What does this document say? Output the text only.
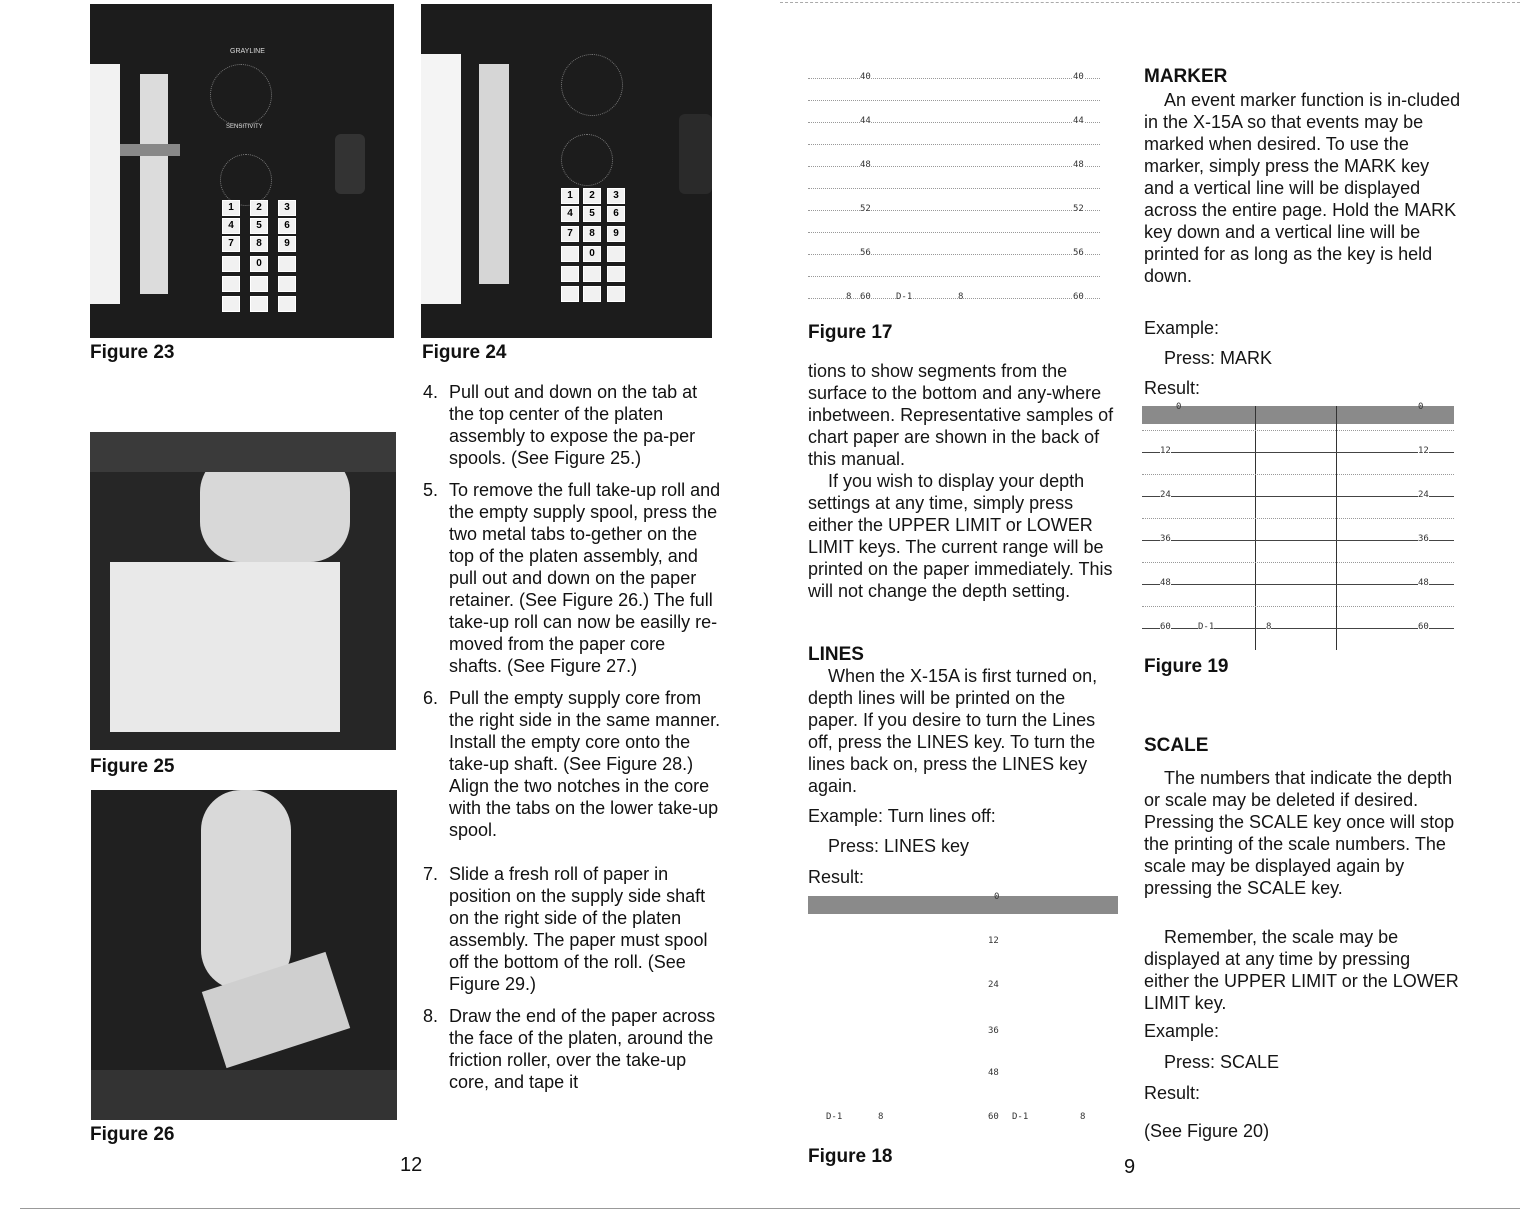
GRAYLINE
SENSITIVITY
1	2	3
4	5	6
7	8	9
0
Figure 23
1	2	3
4	5	6
7	8	9
0
Figure 24
Figure 25
Figure 26
4. Pull out and down on the tab at the top center of the platen assembly to expose the pa-per spools. (See Figure 25.)
5. To remove the full take-up roll and the empty supply spool, press the two metal tabs to-gether on the top of the platen assembly, and pull out and down on the paper retainer. (See Figure 26.) The full take-up roll can now be easilly re-moved from the paper core shafts. (See Figure 27.)
6. Pull the empty supply core from the right side in the same manner. Install the empty core onto the take-up shaft. (See Figure 28.) Align the two notches in the core with the tabs on the lower take-up spool.
7. Slide a fresh roll of paper in position on the supply side shaft on the right side of the platen assembly. The paper must spool off the bottom of the roll. (See Figure 29.)
8. Draw the end of the paper across the face of the platen, around the friction roller, over the take-up core, and tape it
12
40	40
44	44
48	48
52	52
56	56
8 60	D-1	8	60
Figure 17

tions to show segments from the surface to the bottom and any-where inbetween. Representative samples of chart paper are shown in the back of this manual.

If you wish to display your depth settings at any time, simply press either the UPPER LIMIT or LOWER LIMIT keys. The current range will be printed on the paper immediately. This will not change the depth setting.

LINES
When the X-15A is first turned on, depth lines will be printed on the paper. If you desire to turn the Lines off, press the LINES key. To turn the lines back on, press the LINES key again.
Example: Turn lines off:
Press: LINES key
Result:
0
12
24
36
48
D-1	8	60 D-1	8
Figure 18
MARKER
An event marker function is in-cluded in the X-15A so that events may be marked when desired. To use the marker, simply press the MARK key and a vertical line will be displayed across the entire page. Hold the MARK key down and a vertical line will be printed for as long as the key is held down.
Example:
Press: MARK
Result:
0	0
12	12
24	24
36	36
48	48
60	D-1	8	60
Figure 19
SCALE
The numbers that indicate the depth or scale may be deleted if desired. Pressing the SCALE key once will stop the printing of the scale numbers. The scale may be displayed again by pressing the SCALE key.
Remember, the scale may be displayed at any time by pressing either the UPPER LIMIT or the LOWER LIMIT key.
Example:
Press: SCALE
Result:
(See Figure 20)
9
